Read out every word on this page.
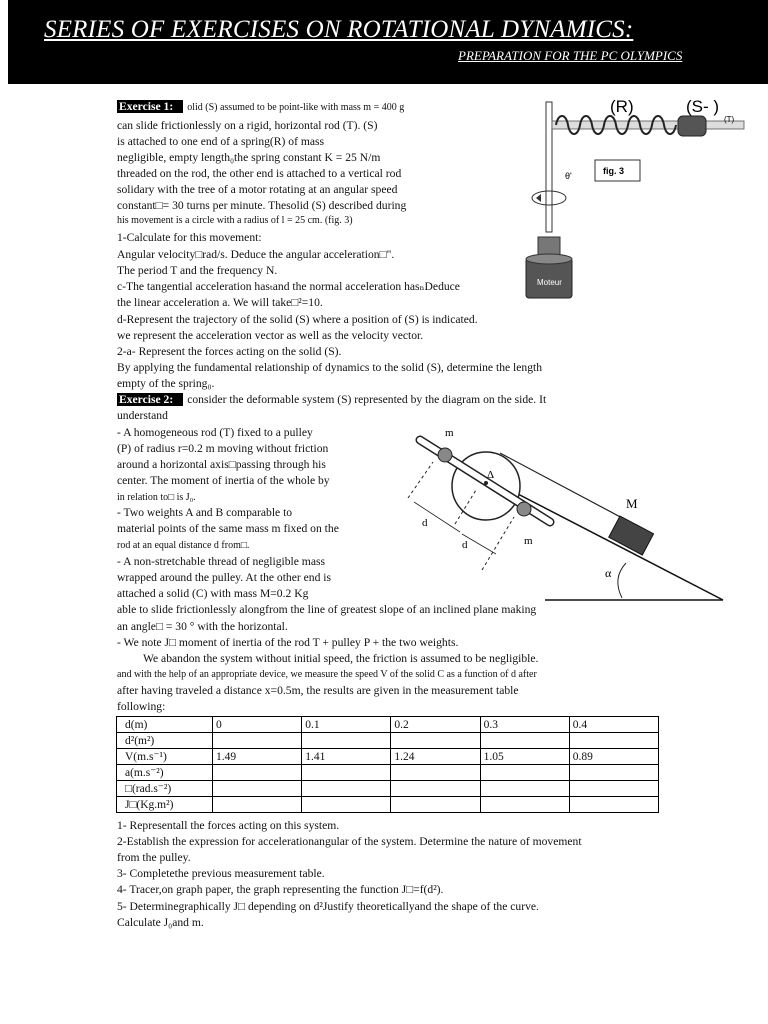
SERIES OF EXERCISES ON ROTATIONAL DYNAMICS:
PREPARATION FOR THE PC OLYMPICS
Exercise 1: olid (S) assumed to be point-like with mass m = 400 g
can slide frictionlessly on a rigid, horizontal rod (T). (S)
is attached to one end of a spring(R) of mass
negligible, empty length₀the spring constant K = 25 N/m
threaded on the rod, the other end is attached to a vertical rod
solidary with the tree of a motor rotating at an angular speed
constant□= 30 turns per minute. Thesolid (S) described during
his movement is a circle with a radius of l = 25 cm. (fig. 3)
1-Calculate for this movement:
Angular velocity□rad/s. Deduce the angular acceleration□".
The period T and the frequency N.
c-The tangential acceleration hasₜand the normal acceleration hasₙDeduce
the linear acceleration a. We will take□²=10.
d-Represent the trajectory of the solid (S) where a position of (S) is indicated.
we represent the acceleration vector as well as the velocity vector.
2-a- Represent the forces acting on the solid (S).
By applying the fundamental relationship of dynamics to the solid (S), determine the length
empty of the spring₀.
Exercise 2: consider the deformable system (S) represented by the diagram on the side. It
understand
- A homogeneous rod (T) fixed to a pulley
(P) of radius r=0.2 m moving without friction
around a horizontal axis□passing through his
center. The moment of inertia of the whole by
in relation to□ is J₀.
- Two weights A and B comparable to
material points of the same mass m fixed on the
rod at an equal distance d from□.
- A non-stretchable thread of negligible mass
wrapped around the pulley. At the other end is
attached a solid (C) with mass M=0.2 Kg
able to slide frictionlessly alongfrom the line of greatest slope of an inclined plane making
an angle□ = 30 ° with the horizontal.
- We note J□ moment of inertia of the rod T + pulley P + the two weights.
We abandon the system without initial speed, the friction is assumed to be negligible.
and with the help of an appropriate device, we measure the speed V of the solid C as a function of d after
after having traveled a distance x=0.5m, the results are given in the measurement table
following:
d(m)	0	0.1	0.2	0.3	0.4
d²(m²)					
V(m.s⁻¹)	1.49	1.41	1.24	1.05	0.89
a(m.s⁻²)					
□(rad.s⁻²)					
J□(Kg.m²)					
1- Representall the forces acting on this system.
2-Establish the expression for accelerationangular of the system. Determine the nature of movement
from the pulley.
3- Completethe previous measurement table.
4- Tracer,on graph paper, the graph representing the function J□=f(d²).
5- Determinegraphically J□ depending on d²Justify theoreticallyand the shape of the curve.
Calculate J₀and m.
(R)	(S- )
(T)
θ'	fig. 3
Moteur
m
m
Δ
d
d
M
α
